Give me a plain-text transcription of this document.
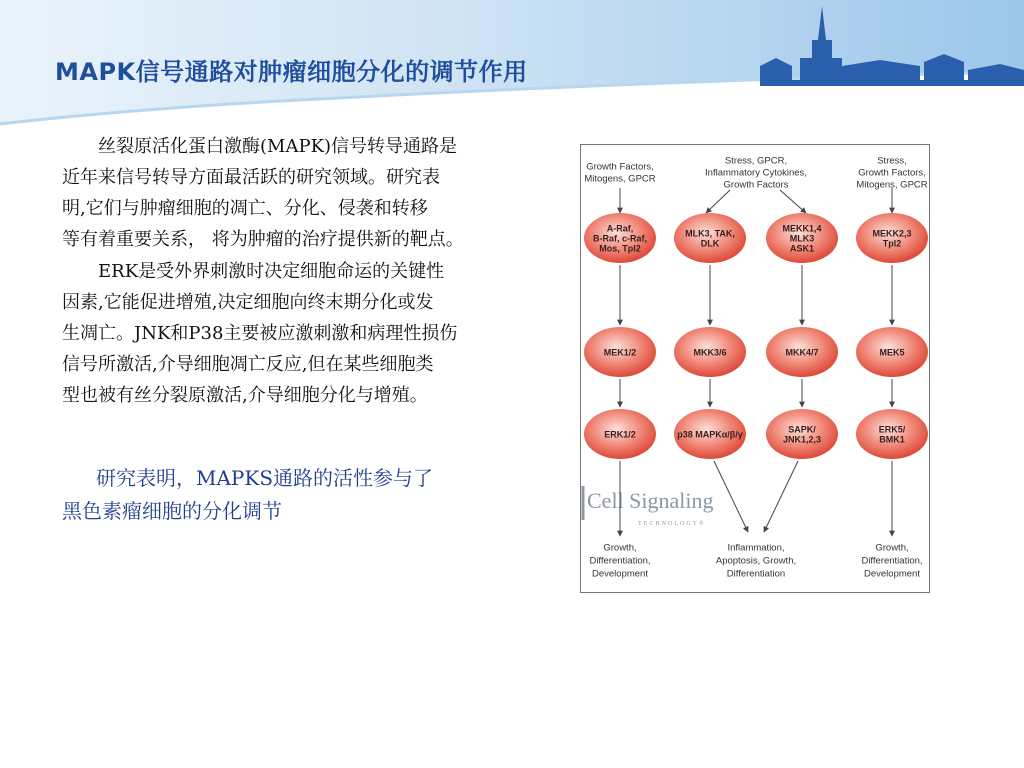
MAPK信号通路对肿瘤细胞分化的调节作用

丝裂原活化蛋白激酶(MAPK)信号转导通路是
近年来信号转导方面最活跃的研究领域。研究表
明,它们与肿瘤细胞的凋亡、分化、侵袭和转移
等有着重要关系， 将为肿瘤的治疗提供新的靶点。

ERK是受外界刺激时决定细胞命运的关键性
因素,它能促进增殖,决定细胞向终末期分化或发
生凋亡。JNK和P38主要被应激刺激和病理性损伤
信号所激活,介导细胞凋亡反应,但在某些细胞类
型也被有丝分裂原激活,介导细胞分化与增殖。

研究表明，MAPKS通路的活性参与了
黑色素瘤细胞的分化调节	Cell Signaling
TECHNOLOGY®
Growth Factors,
Mitogens, GPCR
Stress, GPCR,
Inflammatory Cytokines,
Growth Factors
Stress,
Growth Factors,
Mitogens, GPCR
Growth,
Differentiation,
Development
Inflammation,
Apoptosis, Growth,
Differentiation
Growth,
Differentiation,
Development
A-Raf,
B-Raf, c-Raf,
Mos, Tpl2
MLK3, TAK,
DLK
MEKK1,4
MLK3
ASK1
MEKK2,3
Tpl2
MEK1/2	MKK3/6	MKK4/7	MEK5
ERK1/2	p38 MAPKα/β/γ	SAPK/
JNK1,2,3
ERK5/
BMK1
